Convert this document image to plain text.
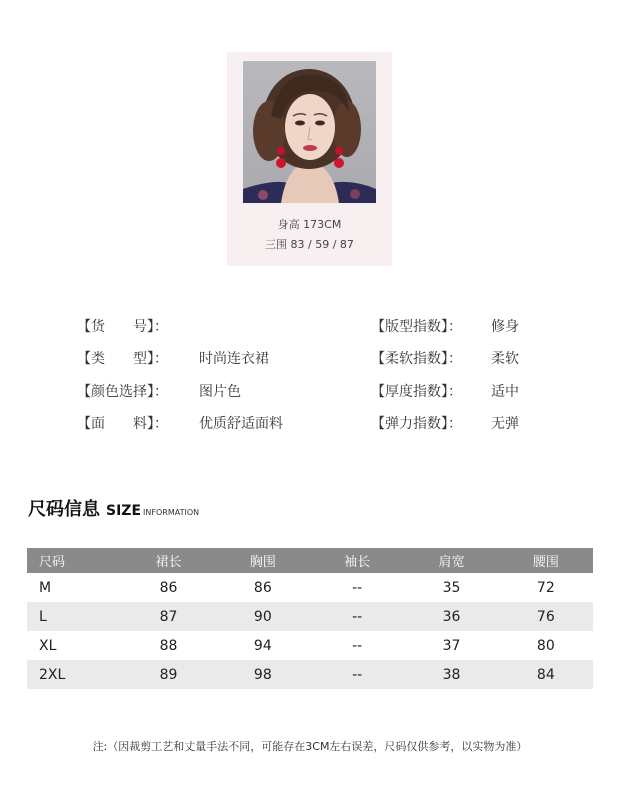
身高 173CM
三围 83 / 59 / 87
【货　　号】：
【类　　型】： 时尚连衣裙
【颜色选择】： 图片色
【面　　料】： 优质舒适面料
【版型指数】： 修身
【柔软指数】： 柔软
【厚度指数】： 适中
【弹力指数】： 无弹
尺码信息 SIZE INFORMATION
尺码	裙长	胸围	袖长	肩宽	腰围
M	86	86	--	35	72
L	87	90	--	36	76
XL	88	94	--	37	80
2XL	89	98	--	38	84
注:（因裁剪工艺和丈量手法不同，可能存在3CM左右误差，尺码仅供参考，以实物为准）
